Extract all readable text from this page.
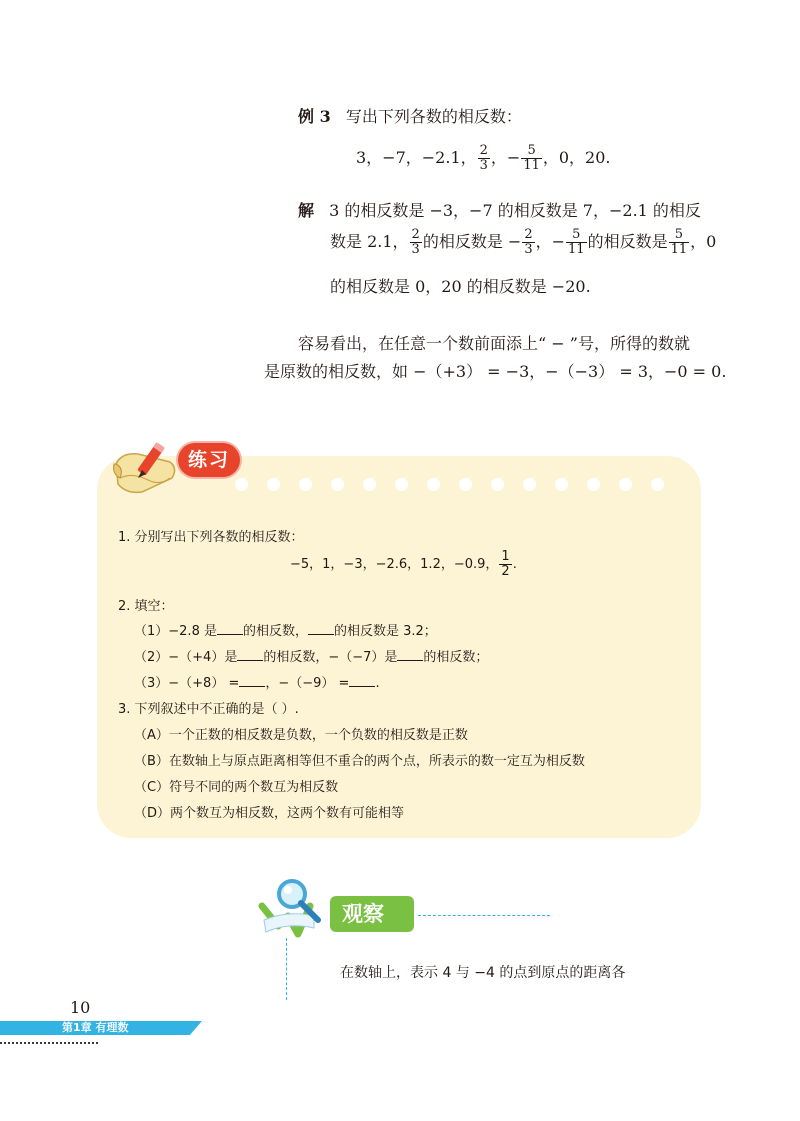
例 3 写出下列各数的相反数：
3，−7，−2.1， $\frac{2}{3}$ ，− $\frac{5}{11}$ ，0，20.
解 3 的相反数是 −3，−7 的相反数是 7，−2.1 的相反
数是 2.1， $\frac{2}{3}$ 的相反数是 − $\frac{2}{3}$ ，− $\frac{5}{11}$ 的相反数是 $\frac{5}{11}$ ，0
的相反数是 0，20 的相反数是 −20.
容易看出，在任意一个数前面添上“ − ”号，所得的数就
是原数的相反数，如 −（+3） = −3，−（−3） = 3，−0 = 0.
练习
1. 分别写出下列各数的相反数：
−5，1，−3，−2.6，1.2，−0.9， $\frac{1}{2}$ .
2. 填空：
（1）−2.8 是 的相反数， 的相反数是 3.2；
（2）−（+4）是 的相反数，−（−7）是 的相反数；
（3）−（+8） = ，−（−9） = .
3. 下列叙述中不正确的是（ ）.
（A）一个正数的相反数是负数，一个负数的相反数是正数
（B）在数轴上与原点距离相等但不重合的两个点，所表示的数一定互为相反数
（C）符号不同的两个数互为相反数
（D）两个数互为相反数，这两个数有可能相等
观察
在数轴上，表示 4 与 −4 的点到原点的距离各
10
第1章 有理数
